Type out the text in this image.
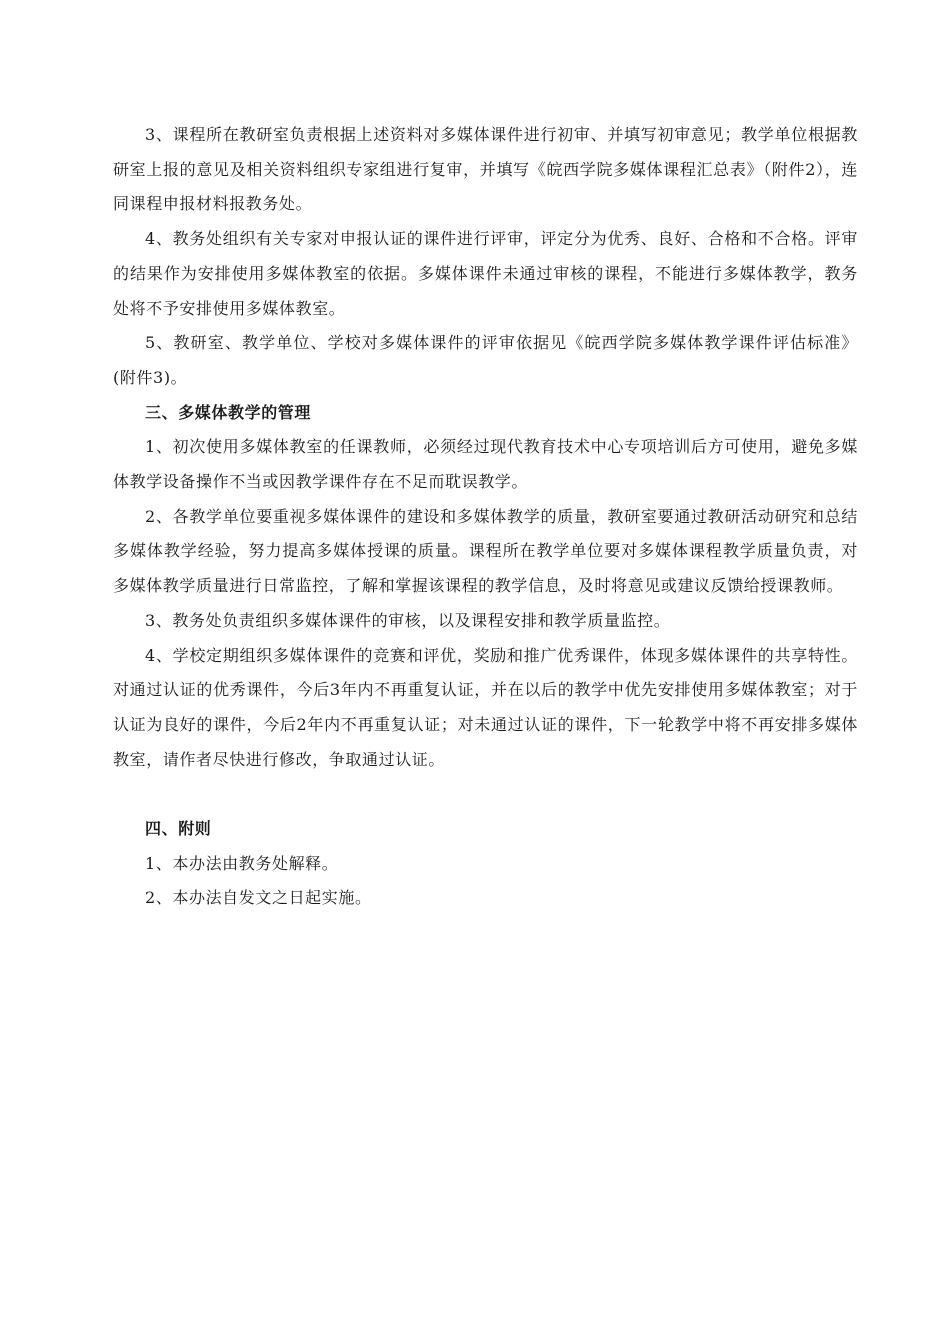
3、课程所在教研室负责根据上述资料对多媒体课件进行初审、并填写初审意见；教学单位根据教研室上报的意见及相关资料组织专家组进行复审，并填写《皖西学院多媒体课程汇总表》（附件2），连同课程申报材料报教务处。

4、教务处组织有关专家对申报认证的课件进行评审，评定分为优秀、良好、合格和不合格。评审的结果作为安排使用多媒体教室的依据。多媒体课件未通过审核的课程，不能进行多媒体教学，教务处将不予安排使用多媒体教室。

5、教研室、教学单位、学校对多媒体课件的评审依据见《皖西学院多媒体教学课件评估标准》(附件3)。

三、多媒体教学的管理

1、初次使用多媒体教室的任课教师，必须经过现代教育技术中心专项培训后方可使用，避免多媒体教学设备操作不当或因教学课件存在不足而耽误教学。

2、各教学单位要重视多媒体课件的建设和多媒体教学的质量，教研室要通过教研活动研究和总结多媒体教学经验，努力提高多媒体授课的质量。课程所在教学单位要对多媒体课程教学质量负责，对多媒体教学质量进行日常监控，了解和掌握该课程的教学信息，及时将意见或建议反馈给授课教师。

3、教务处负责组织多媒体课件的审核，以及课程安排和教学质量监控。

4、学校定期组织多媒体课件的竞赛和评优，奖励和推广优秀课件，体现多媒体课件的共享特性。对通过认证的优秀课件，今后3年内不再重复认证，并在以后的教学中优先安排使用多媒体教室；对于认证为良好的课件，今后2年内不再重复认证；对未通过认证的课件，下一轮教学中将不再安排多媒体教室，请作者尽快进行修改，争取通过认证。

四、附则

1、本办法由教务处解释。

2、本办法自发文之日起实施。
